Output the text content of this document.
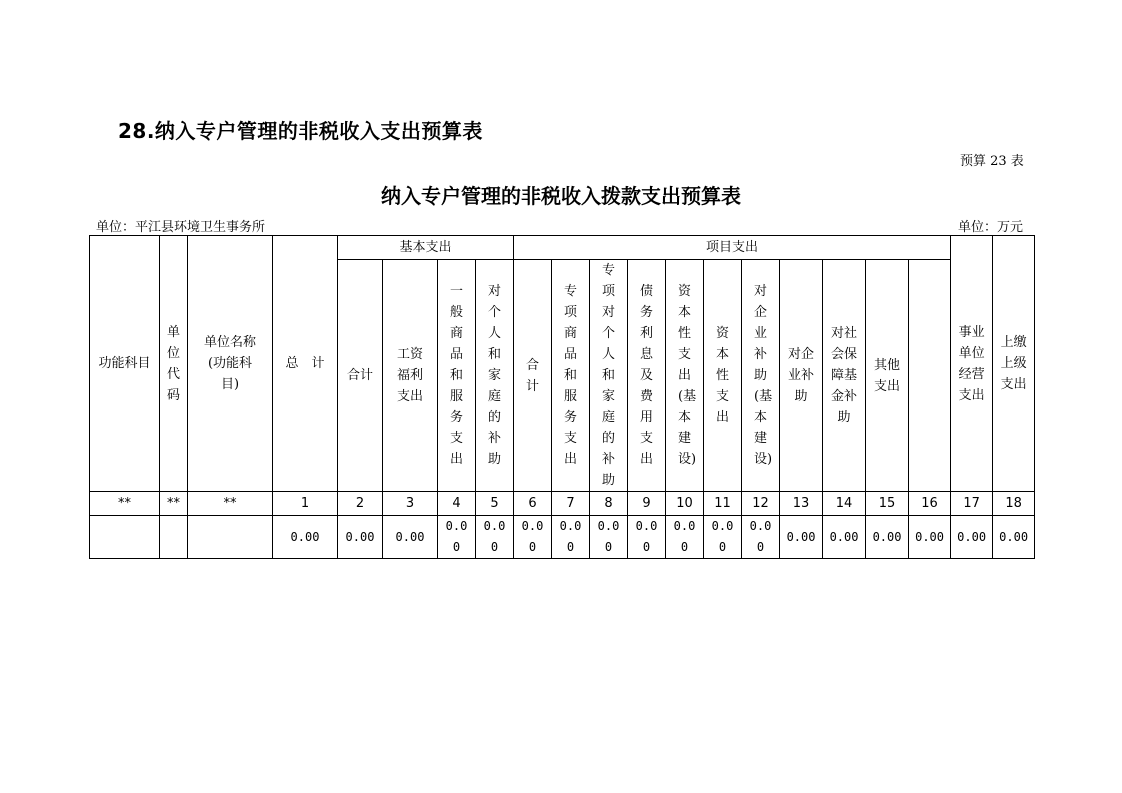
28.纳入专户管理的非税收入支出预算表
预算 23 表
纳入专户管理的非税收入拨款支出预算表
单位：平江县环境卫生事务所	单位：万元
功能科目	单位代码	单位名称(功能科目)	总　计	基本支出				项目支出											事业单位经营支出	上缴上级支出	
				合计	工资福利支出	一般商品和服务支出	对个人和家庭的补助	合计	专项商品和服务支出	专项对个人和家庭的补助	债务利息及费用支出	资本性支出(基本建设)	资本性支出	对企业补助(基本建设)	对企业补助	对社会保障基金补助	其他支出				
**	**	**	1	2	3	4	5	6	7	8	9	10	11	12	13	14	15	16	17	18	
			0.00	0.00	0.00	0.00	0.00	0.00	0.00	0.00	0.00	0.00	0.00	0.00	0.00	0.00	0.00	0.00	0.00	0.00	
